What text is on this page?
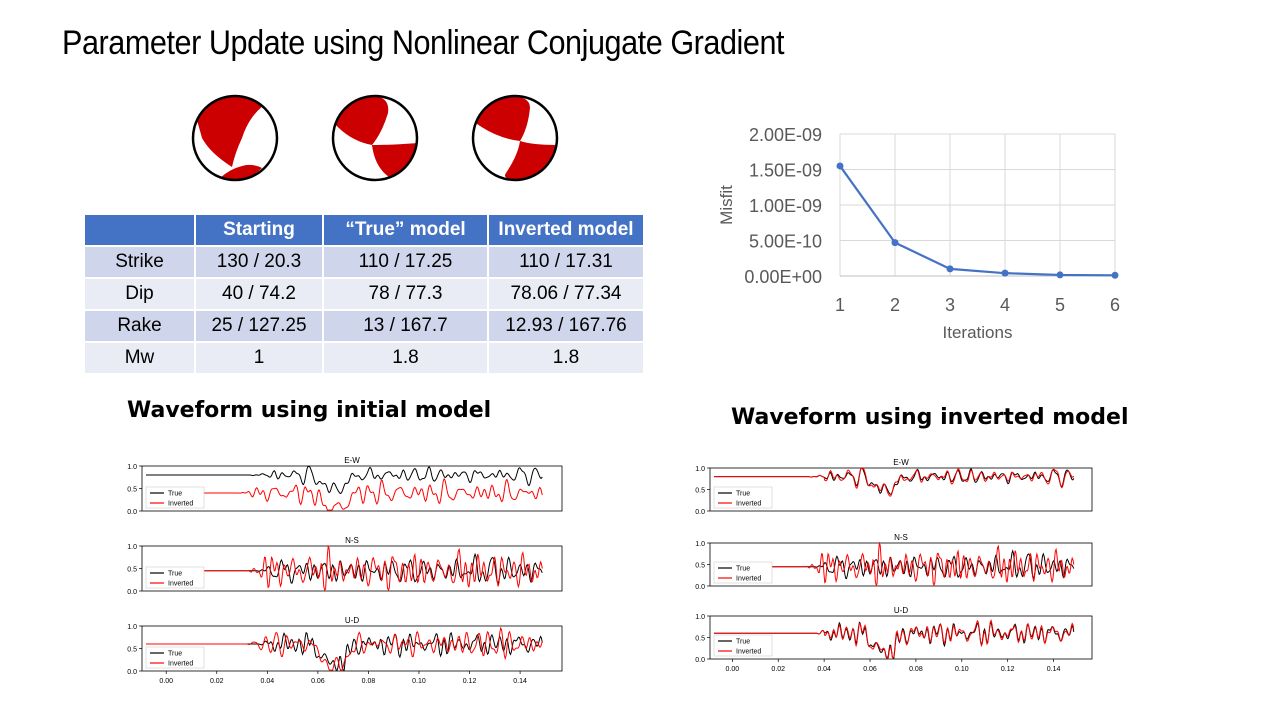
Parameter Update using Nonlinear Conjugate Gradient
	Starting	“True” model	Inverted model
Strike	130 / 20.3	110 / 17.25	110 / 17.31
Dip	40 / 74.2	78 / 77.3	78.06 / 77.34
Rake	25 / 127.25	13 / 167.7	12.93 / 167.76
Mw	1	1.8	1.8
2.00E-09
1.50E-09
1.00E-09
5.00E-10
0.00E+00
1 2 3 4 5 6
Iterations
Misfit
Waveform using initial model	Waveform using inverted model
E-W
1.0
0.5
0.0
True
Inverted
N-S
1.0
0.5
0.0
True
Inverted
U-D
1.0
0.5
0.0
True
Inverted
0.00	0.02	0.04	0.06	0.08	0.10	0.12	0.14
E-W
1.0
0.5
0.0
True
Inverted
N-S
1.0
0.5
0.0
True
Inverted
U-D
1.0
0.5
0.0
True
Inverted
0.00	0.02	0.04	0.06	0.08	0.10	0.12	0.14
